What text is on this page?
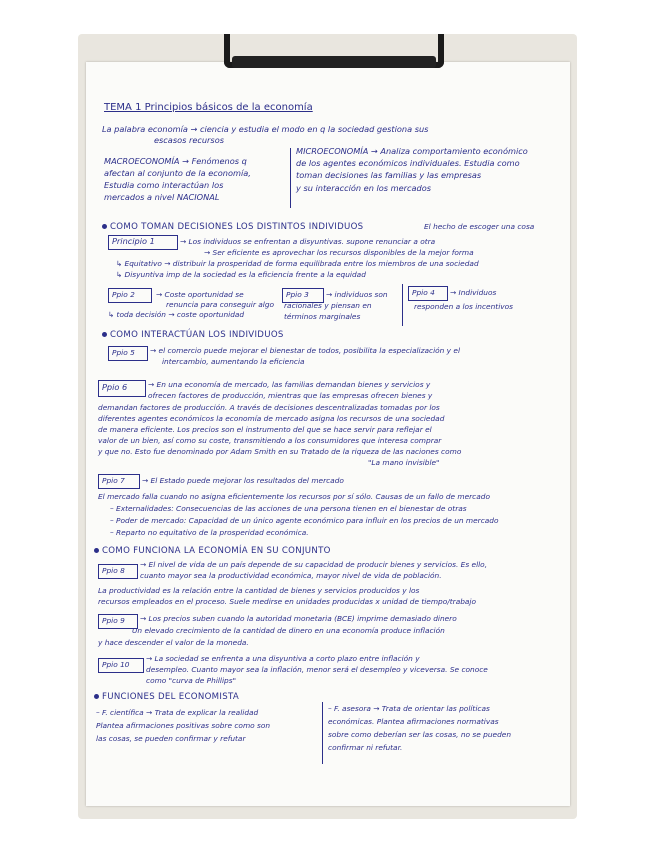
TEMA 1 Principios básicos de la economía
La palabra economía → ciencia y estudia el modo en q la sociedad gestiona sus
escasos recursos
MACROECONOMÍA → Fenómenos q
afectan al conjunto de la economía,
Estudia como interactúan los
mercados a nivel NACIONAL
MICROECONOMÍA → Analiza comportamiento económico
de los agentes económicos individuales. Estudia como
toman decisiones las familias y las empresas
y su interacción en los mercados
COMO TOMAN DECISIONES LOS DISTINTOS INDIVIDUOS	El hecho de escoger una cosa
Principio 1	→ Los individuos se enfrentan a disyuntivas. supone renunciar a otra
→ Ser eficiente es aprovechar los recursos disponibles de la mejor forma
↳ Equitativo → distribuir la prosperidad de forma equilibrada entre los miembros de una sociedad
↳ Disyuntiva imp de la sociedad es la eficiencia frente a la equidad
Ppio 2	→ Coste oportunidad se
renuncia para conseguir algo
↳ toda decisión → coste oportunidad
Ppio 3 → individuos son
racionales y piensan en
términos marginales
Ppio 4 → Individuos
responden a los incentivos
COMO INTERACTÚAN LOS INDIVIDUOS
Ppio 5 → el comercio puede mejorar el bienestar de todos, posibilita la especialización y el
intercambio, aumentando la eficiencia
Ppio 6	→ En una economía de mercado, las familias demandan bienes y servicios y
ofrecen factores de producción, mientras que las empresas ofrecen bienes y
demandan factores de producción. A través de decisiones descentralizadas tomadas por los
diferentes agentes económicos la economía de mercado asigna los recursos de una sociedad
de manera eficiente. Los precios son el instrumento del que se hace servir para reflejar el
valor de un bien, así como su coste, transmitiendo a los consumidores que interesa comprar
y que no. Esto fue denominado por Adam Smith en su Tratado de la riqueza de las naciones como
"La mano invisible"
Ppio 7 → El Estado puede mejorar los resultados del mercado
El mercado falla cuando no asigna eficientemente los recursos por sí sólo. Causas de un fallo de mercado
– Externalidades: Consecuencias de las acciones de una persona tienen en el bienestar de otras
– Poder de mercado: Capacidad de un único agente económico para influir en los precios de un mercado
– Reparto no equitativo de la prosperidad económica.
COMO FUNCIONA LA ECONOMÍA EN SU CONJUNTO
Ppio 8
→ El nivel de vida de un país depende de su capacidad de producir bienes y servicios. Es ello,
cuanto mayor sea la productividad económica, mayor nivel de vida de población.
La productividad es la relación entre la cantidad de bienes y servicios producidos y los
recursos empleados en el proceso. Suele medirse en unidades producidas x unidad de tiempo/trabajo
Ppio 9 → Los precios suben cuando la autoridad monetaria (BCE) imprime demasiado dinero
Un elevado crecimiento de la cantidad de dinero en una economía produce inflación
y hace descender el valor de la moneda.
Ppio 10
→ La sociedad se enfrenta a una disyuntiva a corto plazo entre inflación y
desempleo. Cuanto mayor sea la inflación, menor será el desempleo y viceversa. Se conoce
como "curva de Phillips"
FUNCIONES DEL ECONOMISTA
– F. científica → Trata de explicar la realidad
Plantea afirmaciones positivas sobre como son
las cosas, se pueden confirmar y refutar
– F. asesora → Trata de orientar las políticas
económicas. Plantea afirmaciones normativas
sobre como deberían ser las cosas, no se pueden
confirmar ni refutar.
